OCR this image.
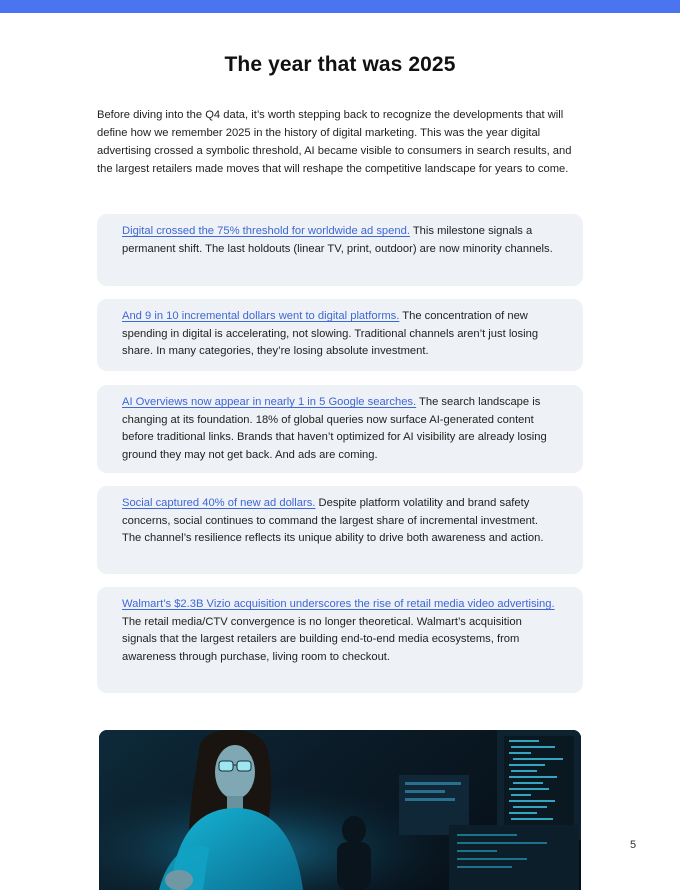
The year that was 2025

Before diving into the Q4 data, it’s worth stepping back to recognize the developments that will define how we remember 2025 in the history of digital marketing. This was the year digital advertising crossed a symbolic threshold, AI became visible to consumers in search results, and the largest retailers made moves that will reshape the competitive landscape for years to come.

Digital crossed the 75% threshold for worldwide ad spend. This milestone signals a permanent shift. The last holdouts (linear TV, print, outdoor) are now minority channels.
And 9 in 10 incremental dollars went to digital platforms. The concentration of new spending in digital is accelerating, not slowing. Traditional channels aren’t just losing share. In many categories, they’re losing absolute investment.
AI Overviews now appear in nearly 1 in 5 Google searches. The search landscape is changing at its foundation. 18% of global queries now surface AI-generated content before traditional links. Brands that haven’t optimized for AI visibility are already losing ground they may not get back. And ads are coming.
Social captured 40% of new ad dollars. Despite platform volatility and brand safety concerns, social continues to command the largest share of incremental investment. The channel’s resilience reflects its unique ability to drive both awareness and action.
Walmart’s $2.3B Vizio acquisition underscores the rise of retail media video advertising. The retail media/CTV convergence is no longer theoretical. Walmart’s acquisition signals that the largest retailers are building end-to-end media ecosystems, from awareness through purchase, living room to checkout.
5
